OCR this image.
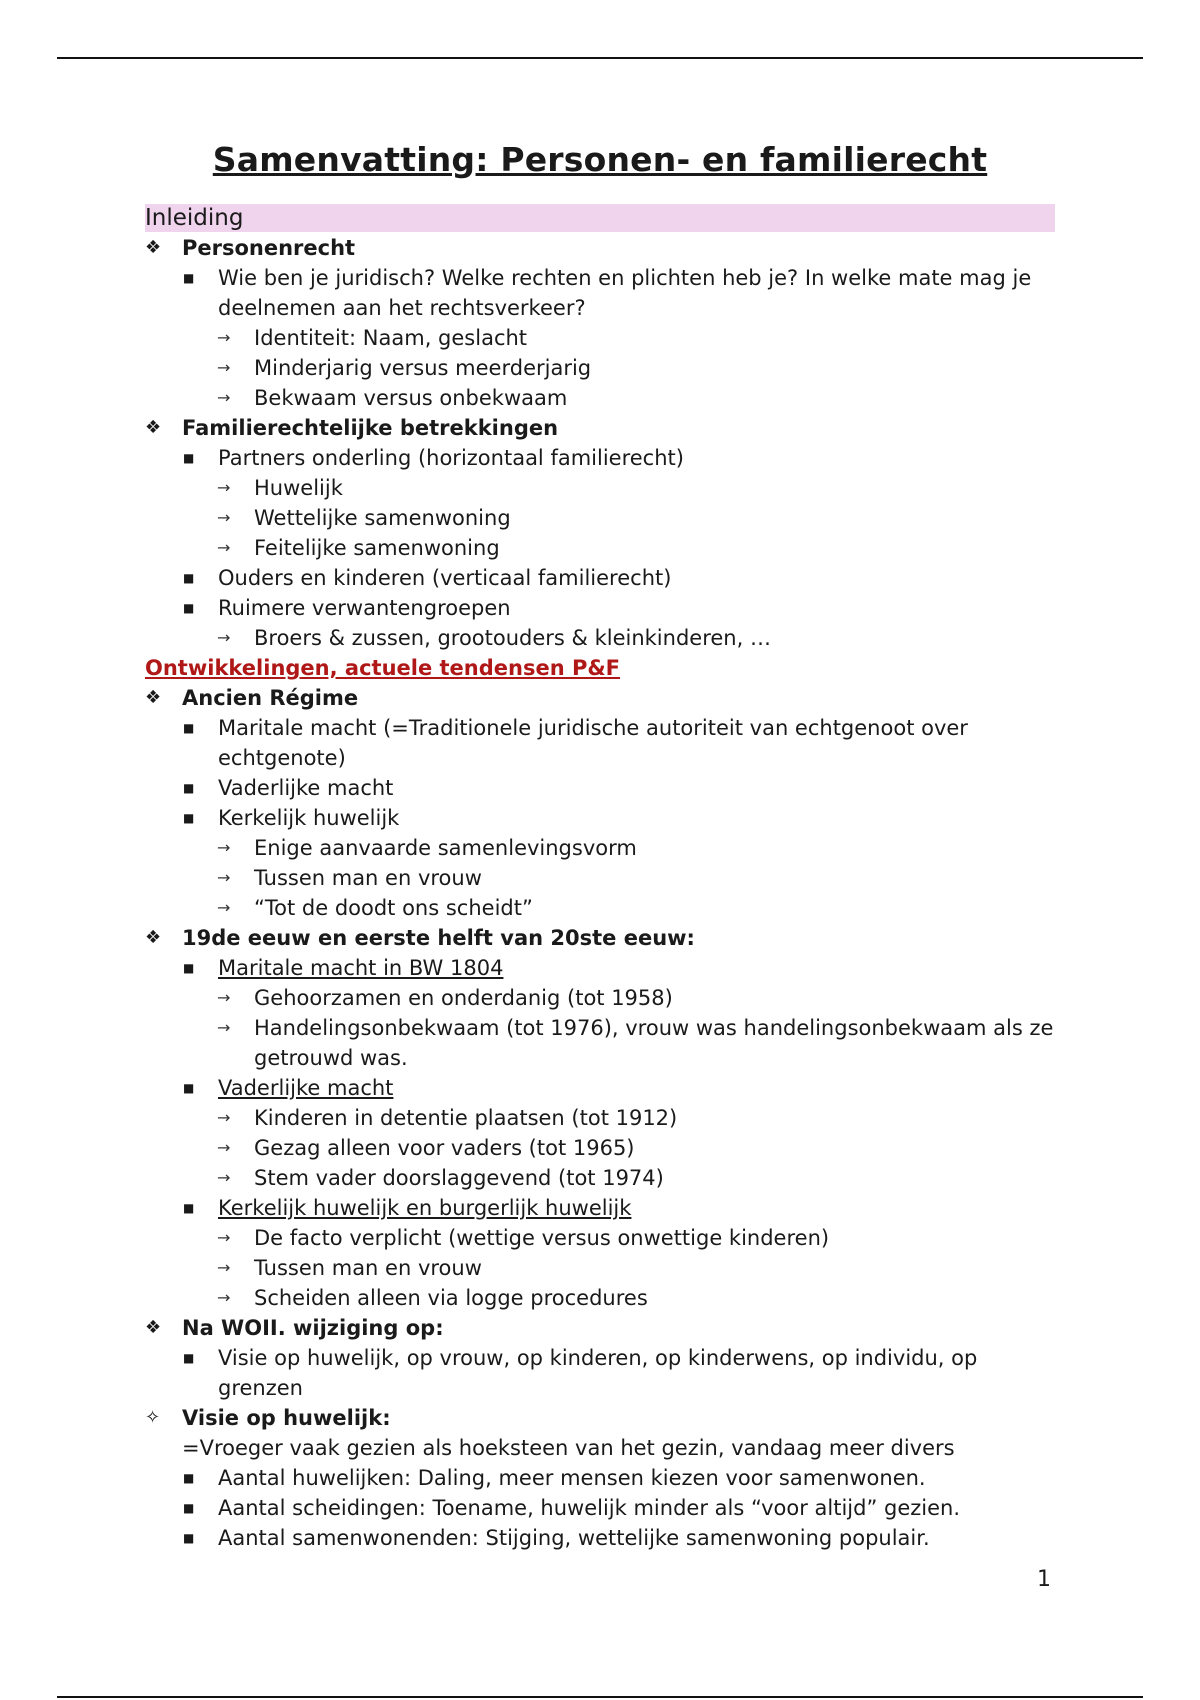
Samenvatting: Personen- en familierecht
Inleiding
❖ Personenrecht
■ Wie ben je juridisch? Welke rechten en plichten heb je? In welke mate mag je deelnemen aan het rechtsverkeer?
→ Identiteit: Naam, geslacht
→ Minderjarig versus meerderjarig
→ Bekwaam versus onbekwaam
❖ Familierechtelijke betrekkingen
■ Partners onderling (horizontaal familierecht)
→ Huwelijk
→ Wettelijke samenwoning
→ Feitelijke samenwoning
■ Ouders en kinderen (verticaal familierecht)
■ Ruimere verwantengroepen
→ Broers & zussen, grootouders & kleinkinderen, …
Ontwikkelingen, actuele tendensen P&F
❖ Ancien Régime
■ Maritale macht (=Traditionele juridische autoriteit van echtgenoot over echtgenote)
■ Vaderlijke macht
■ Kerkelijk huwelijk
→ Enige aanvaarde samenlevingsvorm
→ Tussen man en vrouw
→ “Tot de doodt ons scheidt”
❖ 19de eeuw en eerste helft van 20ste eeuw:
■ Maritale macht in BW 1804
→ Gehoorzamen en onderdanig (tot 1958)
→ Handelingsonbekwaam (tot 1976), vrouw was handelingsonbekwaam als ze getrouwd was.
■ Vaderlijke macht
→ Kinderen in detentie plaatsen (tot 1912)
→ Gezag alleen voor vaders (tot 1965)
→ Stem vader doorslaggevend (tot 1974)
■ Kerkelijk huwelijk en burgerlijk huwelijk
→ De facto verplicht (wettige versus onwettige kinderen)
→ Tussen man en vrouw
→ Scheiden alleen via logge procedures
❖ Na WOII. wijziging op:
■ Visie op huwelijk, op vrouw, op kinderen, op kinderwens, op individu, op grenzen
✧ Visie op huwelijk:
=Vroeger vaak gezien als hoeksteen van het gezin, vandaag meer divers
■ Aantal huwelijken: Daling, meer mensen kiezen voor samenwonen.
■ Aantal scheidingen: Toename, huwelijk minder als “voor altijd” gezien.
■ Aantal samenwonenden: Stijging, wettelijke samenwoning populair.
1
